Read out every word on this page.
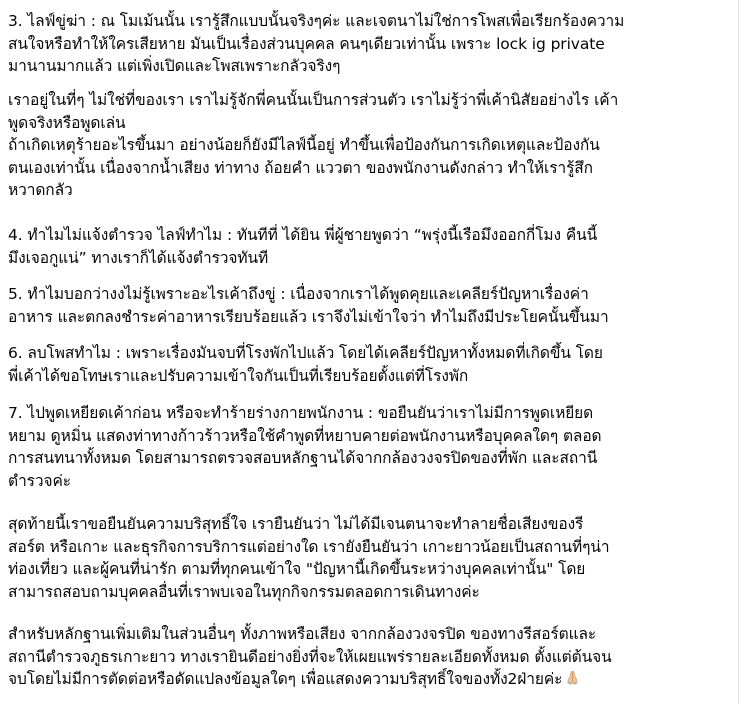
3. ไลฟ์ขู่ฆ่า : ณ โมเม้นนั้น เรารู้สึกแบบนั้นจริงๆค่ะ และเจตนาไม่ใช่การโพสเพื่อเรียกร้องความ
สนใจหรือทำให้ใครเสียหาย มันเป็นเรื่องส่วนบุคคล คนๆเดียวเท่านั้น เพราะ lock ig private
มานานมากแล้ว แต่เพิ่งเปิดและโพสเพราะกลัวจริงๆ

เราอยู่ในที่ๆ ไม่ใช่ที่ของเรา เราไม่รู้จักพี่คนนั้นเป็นการส่วนตัว เราไม่รู้ว่าพี่เค้านิสัยอย่างไร เค้า
พูดจริงหรือพูดเล่น
ถ้าเกิดเหตุร้ายอะไรขึ้นมา อย่างน้อยก็ยังมีไลฟ์นี้อยู่ ทำขึ้นเพื่อป้องกันการเกิดเหตุและป้องกัน
ตนเองเท่านั้น เนื่องจากน้ำเสียง ท่าทาง ถ้อยคำ แววตา ของพนักงานดังกล่าว ทำให้เรารู้สึก
หวาดกลัว

4. ทำไมไม่แจ้งตำรวจ ไลฟ์ทำไม : ทันทีที่ ได้ยิน พี่ผู้ชายพูดว่า “พรุ่งนี้เรือมึงออกกี่โมง คืนนี้
มึงเจอกูแน่” ทางเราก็ได้แจ้งตำรวจทันที

5. ทำไมบอกว่างงไม่รู้เพราะอะไรเค้าถึงขู่ : เนื่องจากเราได้พูดคุยและเคลียร์ปัญหาเรื่องค่า
อาหาร และตกลงชำระค่าอาหารเรียบร้อยแล้ว เราจึงไม่เข้าใจว่า ทำไมถึงมีประโยคนั้นขึ้นมา

6. ลบโพสทำไม : เพราะเรื่องมันจบที่โรงพักไปแล้ว โดยได้เคลียร์ปัญหาทั้งหมดที่เกิดขึ้น โดย
พี่เค้าได้ขอโทษเราและปรับความเข้าใจกันเป็นที่เรียบร้อยตั้งแต่ที่โรงพัก

7. ไปพูดเหยียดเค้าก่อน หรือจะทำร้ายร่างกายพนักงาน : ขอยืนยันว่าเราไม่มีการพูดเหยียด
หยาม ดูหมิ่น แสดงท่าทางก้าวร้าวหรือใช้คำพูดที่หยาบคายต่อพนักงานหรือบุคคลใดๆ ตลอด
การสนทนาทั้งหมด โดยสามารถตรวจสอบหลักฐานได้จากกล้องวงจรปิดของที่พัก และสถานี
ตำรวจค่ะ

สุดท้ายนี้เราขอยืนยันความบริสุทธิ์ใจ เรายืนยันว่า ไม่ได้มีเจนตนาจะทำลายชื่อเสียงของรี
สอร์ต หรือเกาะ และธุรกิจการบริการแต่อย่างใด เรายังยืนยันว่า เกาะยาวน้อยเป็นสถานที่ๆน่า
ท่องเที่ยว และผู้คนที่น่ารัก ตามที่ทุกคนเข้าใจ "ปัญหานี้เกิดขึ้นระหว่างบุคคลเท่านั้น" โดย
สามารถสอบถามบุคคลอื่นที่เราพบเจอในทุกกิจกรรมตลอดการเดินทางค่ะ

สำหรับหลักฐานเพิ่มเติมในส่วนอื่นๆ ทั้งภาพหรือเสียง จากกล้องวงจรปิด ของทางรีสอร์ตและ
สถานีตำรวจภูธรเกาะยาว ทางเรายินดีอย่างยิ่งที่จะให้เผยแพร่รายละเอียดทั้งหมด ตั้งแต่ต้นจน
จบโดยไม่มีการตัดต่อหรือดัดแปลงข้อมูลใดๆ เพื่อแสดงความบริสุทธิ์ใจของทั้ง2ฝ่ายค่ะ
